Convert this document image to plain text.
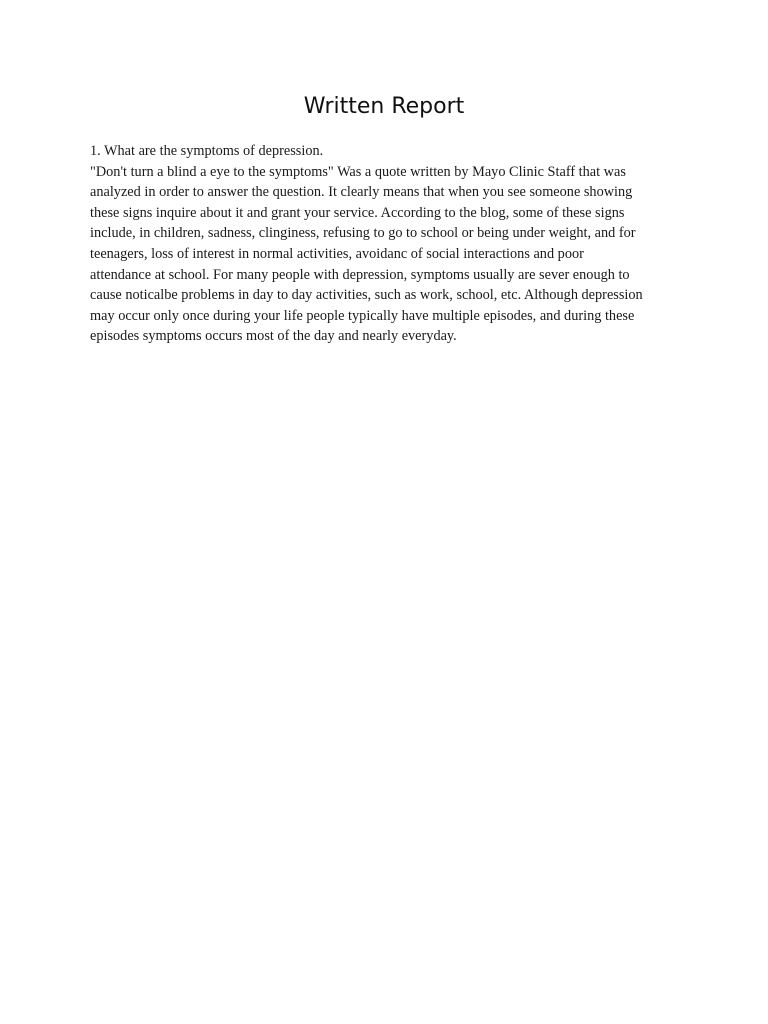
Written Report
1. What are the symptoms of depression.
"Don't turn a blind a eye to the symptoms" Was a quote written by Mayo Clinic Staff that was
analyzed in order to answer the question. It clearly means that when you see someone showing
these signs inquire about it and grant your service. According to the blog, some of these signs
include, in children, sadness, clinginess, refusing to go to school or being under weight, and for
teenagers, loss of interest in normal activities, avoidanc of social interactions and poor
attendance at school. For many people with depression, symptoms usually are sever enough to
cause noticalbe problems in day to day activities, such as work, school, etc. Although depression
may occur only once during your life people typically have multiple episodes, and during these
episodes symptoms occurs most of the day and nearly everyday.
